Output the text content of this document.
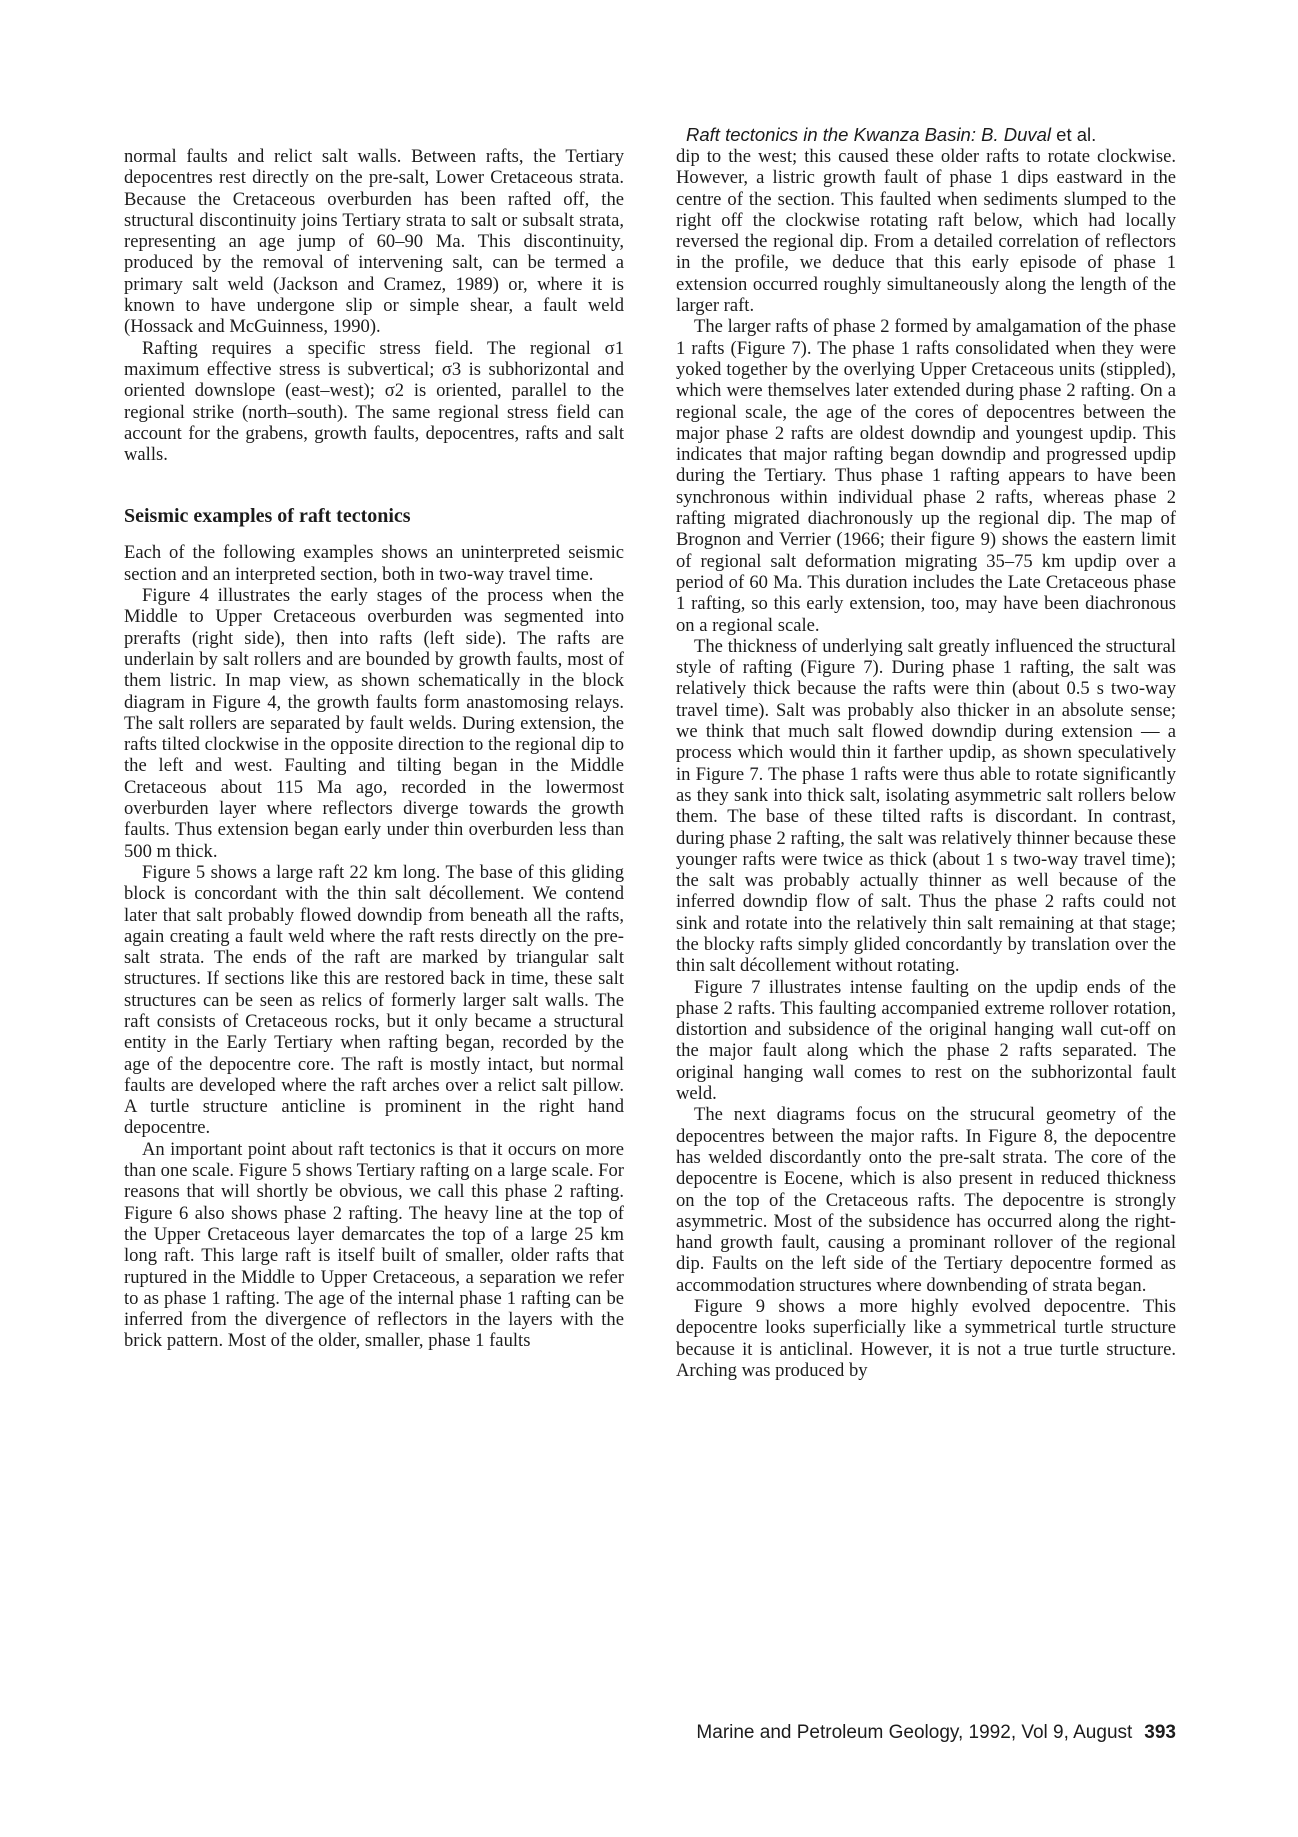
Raft tectonics in the Kwanza Basin: B. Duval et al.

normal faults and relict salt walls. Between rafts, the Tertiary depocentres rest directly on the pre-salt, Lower Cretaceous strata. Because the Cretaceous overburden has been rafted off, the structural discontinuity joins Tertiary strata to salt or subsalt strata, representing an age jump of 60–90 Ma. This discontinuity, produced by the removal of intervening salt, can be termed a primary salt weld (Jackson and Cramez, 1989) or, where it is known to have undergone slip or simple shear, a fault weld (Hossack and McGuinness, 1990).

Rafting requires a specific stress field. The regional σ1 maximum effective stress is subvertical; σ3 is subhorizontal and oriented downslope (east–west); σ2 is oriented, parallel to the regional strike (north–south). The same regional stress field can account for the grabens, growth faults, depocentres, rafts and salt walls.

Seismic examples of raft tectonics

Each of the following examples shows an uninterpreted seismic section and an interpreted section, both in two-way travel time.

Figure 4 illustrates the early stages of the process when the Middle to Upper Cretaceous overburden was segmented into prerafts (right side), then into rafts (left side). The rafts are underlain by salt rollers and are bounded by growth faults, most of them listric. In map view, as shown schematically in the block diagram in Figure 4, the growth faults form anastomosing relays. The salt rollers are separated by fault welds. During extension, the rafts tilted clockwise in the opposite direction to the regional dip to the left and west. Faulting and tilting began in the Middle Cretaceous about 115 Ma ago, recorded in the lowermost overburden layer where reflectors diverge towards the growth faults. Thus extension began early under thin overburden less than 500 m thick.

Figure 5 shows a large raft 22 km long. The base of this gliding block is concordant with the thin salt décollement. We contend later that salt probably flowed downdip from beneath all the rafts, again creating a fault weld where the raft rests directly on the pre-salt strata. The ends of the raft are marked by triangular salt structures. If sections like this are restored back in time, these salt structures can be seen as relics of formerly larger salt walls. The raft consists of Cretaceous rocks, but it only became a structural entity in the Early Tertiary when rafting began, recorded by the age of the depocentre core. The raft is mostly intact, but normal faults are developed where the raft arches over a relict salt pillow. A turtle structure anticline is prominent in the right hand depocentre.

An important point about raft tectonics is that it occurs on more than one scale. Figure 5 shows Tertiary rafting on a large scale. For reasons that will shortly be obvious, we call this phase 2 rafting. Figure 6 also shows phase 2 rafting. The heavy line at the top of the Upper Cretaceous layer demarcates the top of a large 25 km long raft. This large raft is itself built of smaller, older rafts that ruptured in the Middle to Upper Cretaceous, a separation we refer to as phase 1 rafting. The age of the internal phase 1 rafting can be inferred from the divergence of reflectors in the layers with the brick pattern. Most of the older, smaller, phase 1 faults

dip to the west; this caused these older rafts to rotate clockwise. However, a listric growth fault of phase 1 dips eastward in the centre of the section. This faulted when sediments slumped to the right off the clockwise rotating raft below, which had locally reversed the regional dip. From a detailed correlation of reflectors in the profile, we deduce that this early episode of phase 1 extension occurred roughly simultaneously along the length of the larger raft.

The larger rafts of phase 2 formed by amalgamation of the phase 1 rafts (Figure 7). The phase 1 rafts consolidated when they were yoked together by the overlying Upper Cretaceous units (stippled), which were themselves later extended during phase 2 rafting. On a regional scale, the age of the cores of depocentres between the major phase 2 rafts are oldest downdip and youngest updip. This indicates that major rafting began downdip and progressed updip during the Tertiary. Thus phase 1 rafting appears to have been synchronous within individual phase 2 rafts, whereas phase 2 rafting migrated diachronously up the regional dip. The map of Brognon and Verrier (1966; their figure 9) shows the eastern limit of regional salt deformation migrating 35–75 km updip over a period of 60 Ma. This duration includes the Late Cretaceous phase 1 rafting, so this early extension, too, may have been diachronous on a regional scale.

The thickness of underlying salt greatly influenced the structural style of rafting (Figure 7). During phase 1 rafting, the salt was relatively thick because the rafts were thin (about 0.5 s two-way travel time). Salt was probably also thicker in an absolute sense; we think that much salt flowed downdip during extension — a process which would thin it farther updip, as shown speculatively in Figure 7. The phase 1 rafts were thus able to rotate significantly as they sank into thick salt, isolating asymmetric salt rollers below them. The base of these tilted rafts is discordant. In contrast, during phase 2 rafting, the salt was relatively thinner because these younger rafts were twice as thick (about 1 s two-way travel time); the salt was probably actually thinner as well because of the inferred downdip flow of salt. Thus the phase 2 rafts could not sink and rotate into the relatively thin salt remaining at that stage; the blocky rafts simply glided concordantly by translation over the thin salt décollement without rotating.

Figure 7 illustrates intense faulting on the updip ends of the phase 2 rafts. This faulting accompanied extreme rollover rotation, distortion and subsidence of the original hanging wall cut-off on the major fault along which the phase 2 rafts separated. The original hanging wall comes to rest on the subhorizontal fault weld.

The next diagrams focus on the strucural geometry of the depocentres between the major rafts. In Figure 8, the depocentre has welded discordantly onto the pre-salt strata. The core of the depocentre is Eocene, which is also present in reduced thickness on the top of the Cretaceous rafts. The depocentre is strongly asymmetric. Most of the subsidence has occurred along the right-hand growth fault, causing a prominant rollover of the regional dip. Faults on the left side of the Tertiary depocentre formed as accommodation structures where downbending of strata began.

Figure 9 shows a more highly evolved depocentre. This depocentre looks superficially like a symmetrical turtle structure because it is anticlinal. However, it is not a true turtle structure. Arching was produced by

Marine and Petroleum Geology, 1992, Vol 9, August 393
